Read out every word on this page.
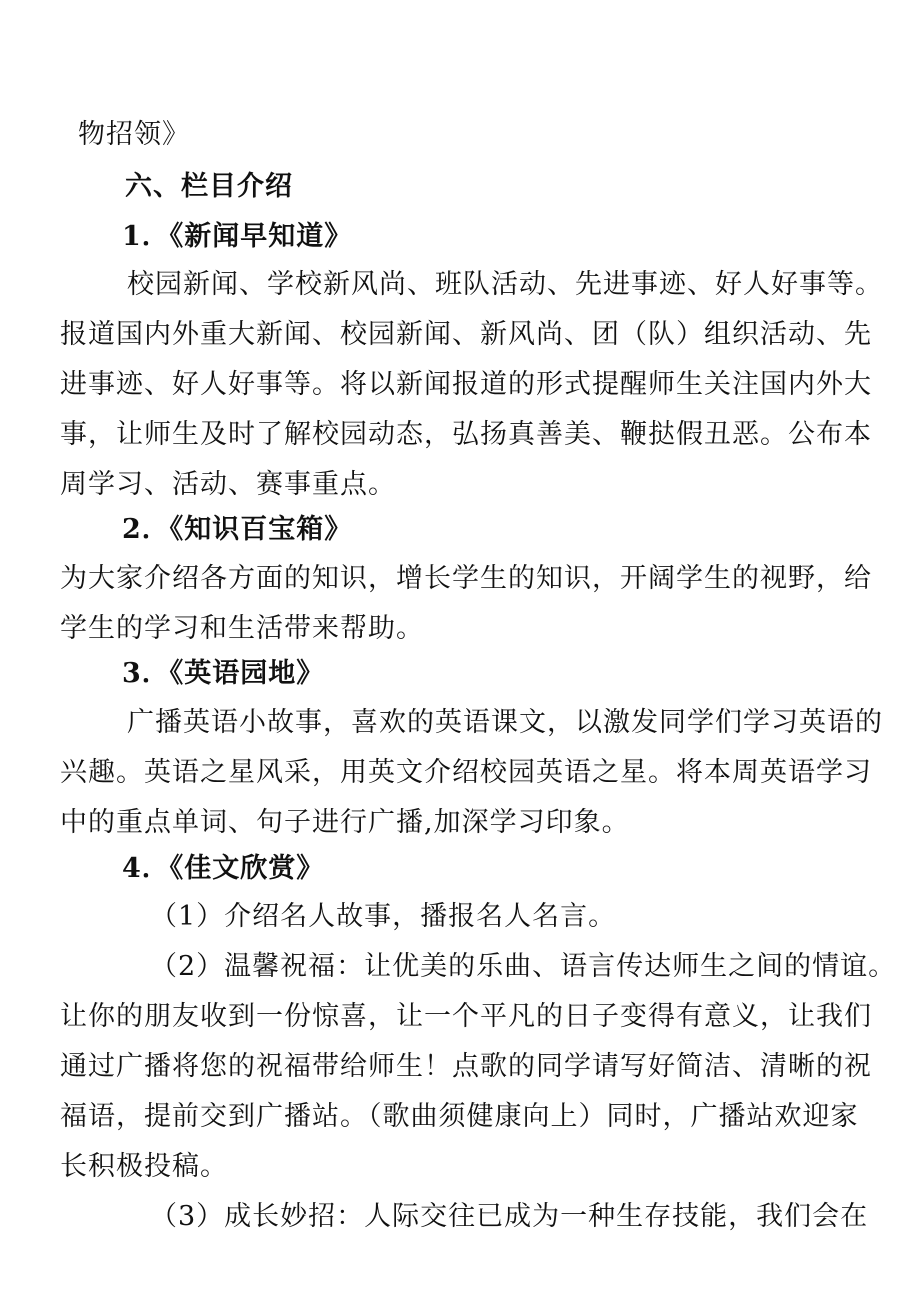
物招领》
六、栏目介绍
1．《新闻早知道》
校园新闻、学校新风尚、班队活动、先进事迹、好人好事等。
报道国内外重大新闻、校园新闻、新风尚、团（队）组织活动、先
进事迹、好人好事等。将以新闻报道的形式提醒师生关注国内外大
事，让师生及时了解校园动态，弘扬真善美、鞭挞假丑恶。公布本
周学习、活动、赛事重点。
2．《知识百宝箱》
为大家介绍各方面的知识，增长学生的知识，开阔学生的视野，给
学生的学习和生活带来帮助。
3．《英语园地》
广播英语小故事，喜欢的英语课文，以激发同学们学习英语的
兴趣。英语之星风采，用英文介绍校园英语之星。将本周英语学习
中的重点单词、句子进行广播,加深学习印象。
4．《佳文欣赏》
（1）介绍名人故事，播报名人名言。
（2）温馨祝福：让优美的乐曲、语言传达师生之间的情谊。
让你的朋友收到一份惊喜，让一个平凡的日子变得有意义，让我们
通过广播将您的祝福带给师生！点歌的同学请写好简洁、清晰的祝
福语，提前交到广播站。（歌曲须健康向上）同时，广播站欢迎家
长积极投稿。
（3）成长妙招：人际交往已成为一种生存技能，我们会在
